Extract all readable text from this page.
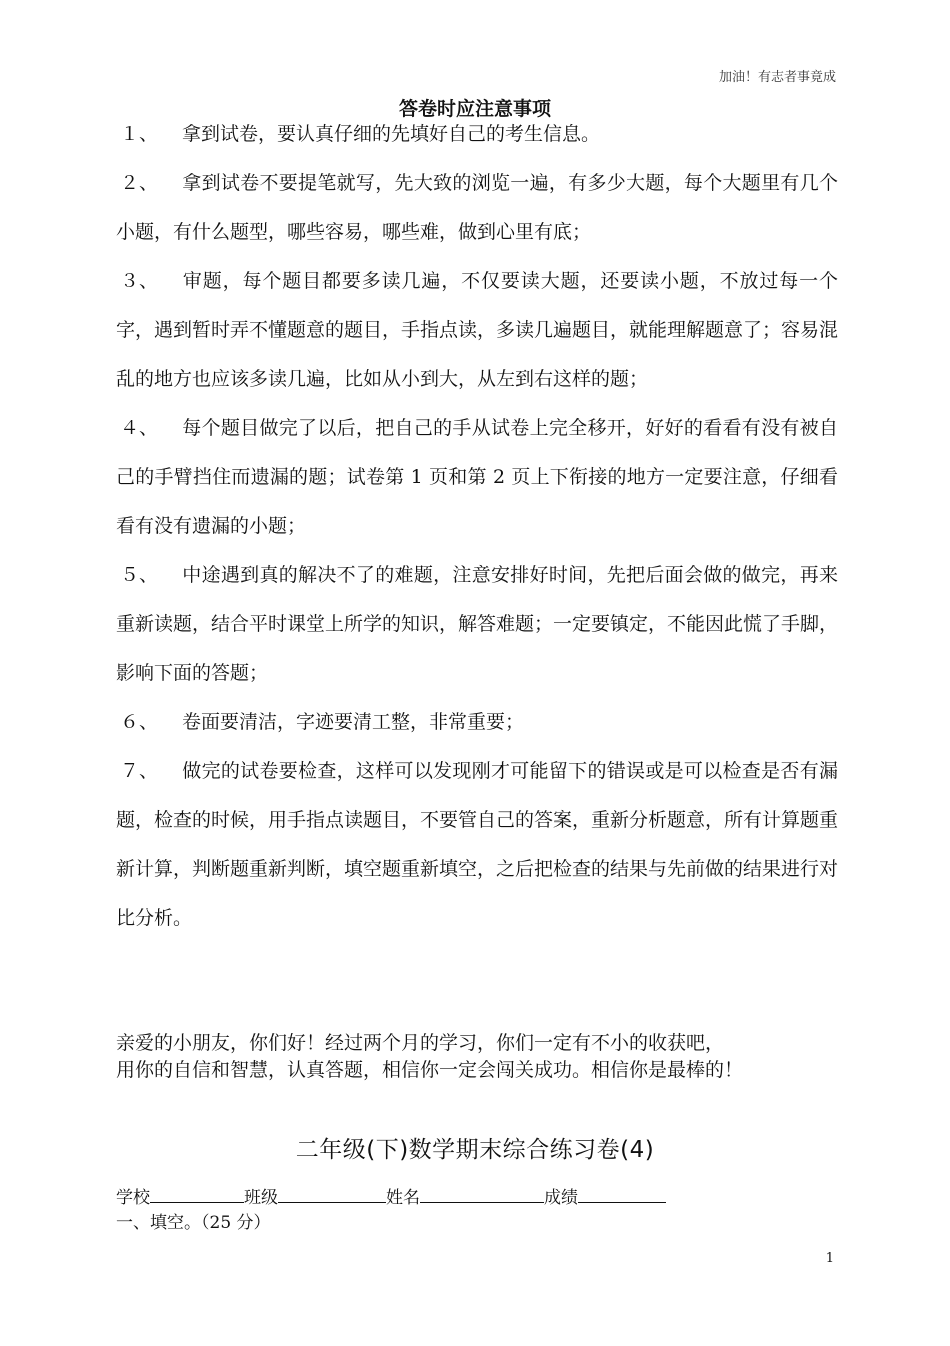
加油！有志者事竟成
答卷时应注意事项

１、 拿到试卷，要认真仔细的先填好自己的考生信息。

２、 拿到试卷不要提笔就写，先大致的浏览一遍，有多少大题，每个大题里有几个小题，有什么题型，哪些容易，哪些难，做到心里有底；

３、 审题，每个题目都要多读几遍，不仅要读大题，还要读小题，不放过每一个字，遇到暂时弄不懂题意的题目，手指点读，多读几遍题目，就能理解题意了；容易混乱的地方也应该多读几遍，比如从小到大，从左到右这样的题；

４、 每个题目做完了以后，把自己的手从试卷上完全移开，好好的看看有没有被自己的手臂挡住而遗漏的题；试卷第 1 页和第 2 页上下衔接的地方一定要注意，仔细看看有没有遗漏的小题；

５、 中途遇到真的解决不了的难题，注意安排好时间，先把后面会做的做完，再来重新读题，结合平时课堂上所学的知识，解答难题；一定要镇定，不能因此慌了手脚，影响下面的答题；

６、 卷面要清洁，字迹要清工整，非常重要；

７、 做完的试卷要检查，这样可以发现刚才可能留下的错误或是可以检查是否有漏题，检查的时候，用手指点读题目，不要管自己的答案，重新分析题意，所有计算题重新计算，判断题重新判断，填空题重新填空，之后把检查的结果与先前做的结果进行对比分析。

亲爱的小朋友，你们好！经过两个月的学习，你们一定有不小的收获吧，

用你的自信和智慧，认真答题，相信你一定会闯关成功。相信你是最棒的！

二年级(下)数学期末综合练习卷(4)
学校	班级	姓名	成绩
一、填空。（25 分）
1
